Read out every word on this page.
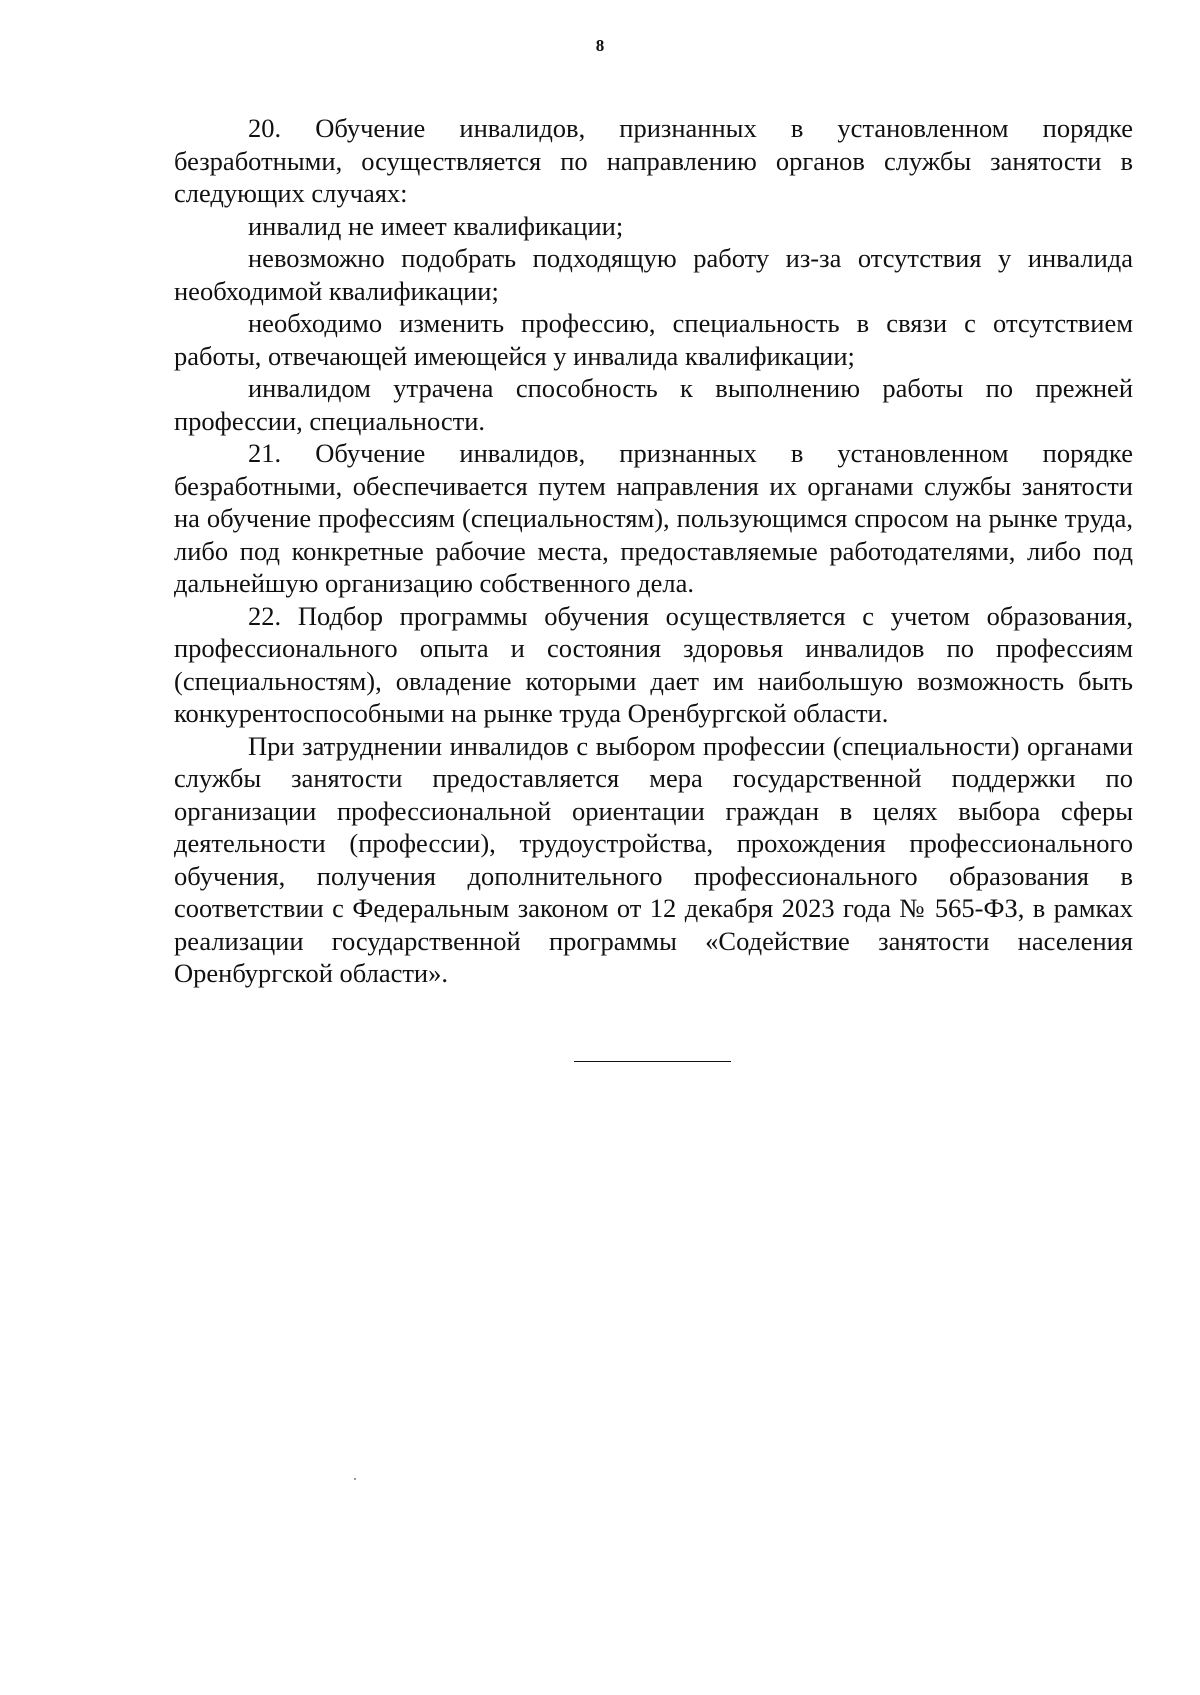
8

20. Обучение инвалидов, признанных в установленном порядке безработными, осуществляется по направлению органов службы занятости в следующих случаях:

инвалид не имеет квалификации;

невозможно подобрать подходящую работу из-за отсутствия у инвалида необходимой квалификации;

необходимо изменить профессию, специальность в связи с отсутствием работы, отвечающей имеющейся у инвалида квалификации;

инвалидом утрачена способность к выполнению работы по прежней профессии, специальности.

21. Обучение инвалидов, признанных в установленном порядке безработными, обеспечивается путем направления их органами службы занятости на обучение профессиям (специальностям), пользующимся спросом на рынке труда, либо под конкретные рабочие места, предоставляемые работодателями, либо под дальнейшую организацию собственного дела.

22. Подбор программы обучения осуществляется с учетом образования, профессионального опыта и состояния здоровья инвалидов по профессиям (специальностям), овладение которыми дает им наибольшую возможность быть конкурентоспособными на рынке труда Оренбургской области.

При затруднении инвалидов с выбором профессии (специальности) органами службы занятости предоставляется мера государственной поддержки по организации профессиональной ориентации граждан в целях выбора сферы деятельности (профессии), трудоустройства, прохождения профессионального обучения, получения дополнительного профессионального образования в соответствии с Федеральным законом от 12 декабря 2023 года № 565-ФЗ, в рамках реализации государственной программы «Содействие занятости населения Оренбургской области».
